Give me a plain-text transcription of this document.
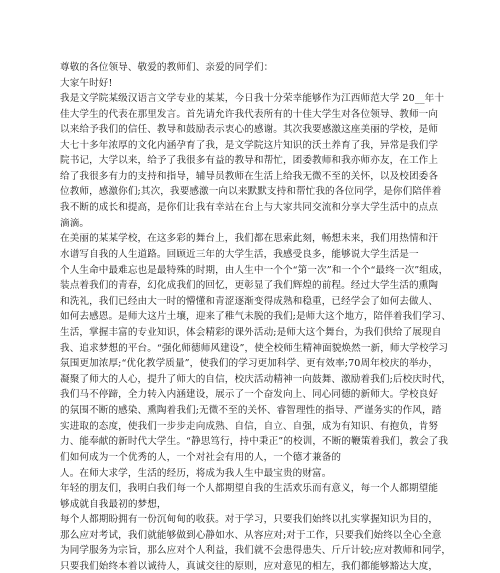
尊敬的各位领导、敬爱的教师们、亲爱的同学们：

大家午时好!

我是文学院某级汉语言文学专业的某某，今日我十分荣幸能够作为江西师范大学 20__年十

佳大学生的代表在那里发言。首先请允许我代表所有的十佳大学生对各位领导、教师一向

以来给予我们的信任、教导和鼓励表示衷心的感谢。其次我要感激这座美丽的学校，是师

大七十多年浓厚的文化内涵孕育了我，是文学院这片知识的沃土养育了我，异常是我们学

院书记，大学以来，给予了我很多有益的教导和帮忙，团委教师和我亦师亦友，在工作上

给了我很多有力的支持和指导，辅导员教师在生活上给我无微不至的关怀，以及校团委各

位教师，感激你们;其次，我要感激一向以来默默支持和帮忙我的各位同学，是你们陪伴着

我不断的成长和提高，是你们让我有幸站在台上与大家共同交流和分享大学生活中的点点

滴滴。

在美丽的某某学校，在这多彩的舞台上，我们都在思索此刻，畅想未来，我们用热情和汗

水谱写自我的人生道路。回顾近三年的大学生活，我感受良多，能够说大学生活是一

个人生命中最难忘也是最特殊的时期，由人生中一个个“第一次”和一个个“最终一次”组成，

装点着我们的青春，幻化成我们的回忆，更彰显了我们辉煌的前程。经过大学生活的熏陶

和洗礼，我们已经由大一时的懵懂和青涩逐渐变得成熟和稳重，已经学会了如何去做人、

如何去感恩。是师大这片土壤，迎来了稚气未脱的我们;是师大这个地方，陪伴着我们学习、

生活，掌握丰富的专业知识，体会精彩的课外活动;是师大这个舞台，为我们供给了展现自

我、追求梦想的平台。“强化师德师风建设”，使全校师生精神面貌焕然一新，师大学校学习

氛围更加浓厚;“优化教学质量”，使我们的学习更加科学、更有效率;70周年校庆的举办，

凝聚了师大的人心，提升了师大的自信，校庆活动精神一向鼓舞、激励着我们;后校庆时代，

我们马不停蹄，全力转入内涵建设，展示了一个奋发向上、同心同德的新师大。学校良好

的氛围不断的感染、熏陶着我们;无微不至的关怀、睿智理性的指导、严谨务实的作风，踏

实进取的态度，使我们一步步走向成熟、自信，自立、自强，成为有知识、有抱负，肯努

力、能奉献的新时代大学生。“静思笃行，持中秉正”的校训，不断的鞭策着我们，教会了我

们如何成为一个优秀的人，一个对社会有用的人，一个德才兼备的

人。在师大求学，生活的经历，将成为我人生中最宝贵的财富。

年轻的朋友们，我明白我们每一个人都期望自我的生活欢乐而有意义，每一个人都期望能

够成就自我最初的梦想，

每个人都期盼拥有一份沉甸甸的收获。对于学习，只要我们始终以扎实掌握知识为目的，

那么应对考试，我们就能够做到心静如水、从容应对;对于工作，只要我们始终以全心全意

为同学服务为宗旨，那么应对个人利益，我们就不会患得患失、斤斤计较;应对教师和同学，

只要我们始终本着以诚待人，真诚交往的原则，应对意见的相左，我们都能够豁达大度，
